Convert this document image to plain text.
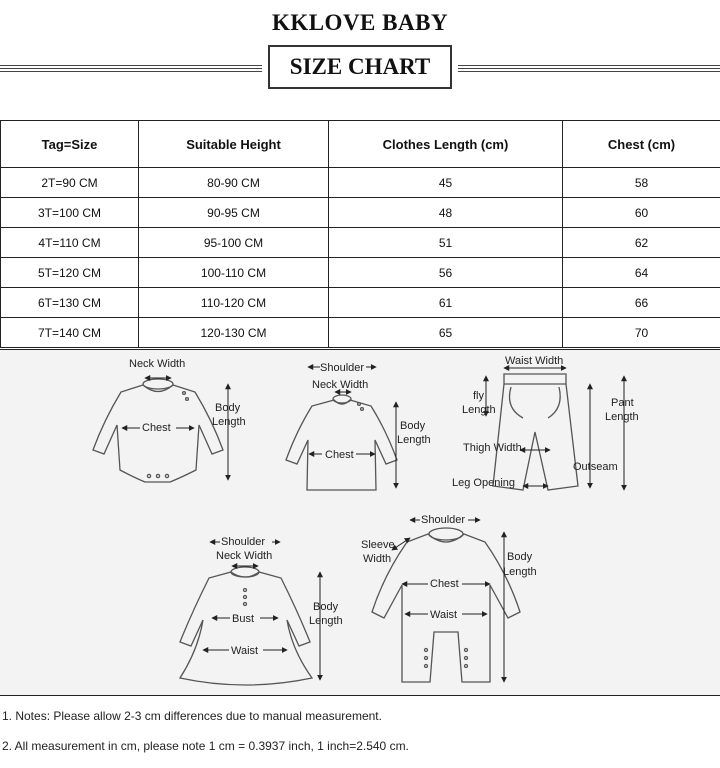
KKLOVE BABY
SIZE CHART
Tag=Size	Suitable Height	Clothes Length (cm)	Chest (cm)
2T=90 CM	80-90 CM	45	58
3T=100 CM	90-95 CM	48	60
4T=110 CM	95-100 CM	51	62
5T=120 CM	100-110 CM	56	64
6T=130 CM	110-120 CM	61	66
7T=140 CM	120-130 CM	65	70
Neck Width
Chest
Body
Length
Shoulder
Neck Width
Chest
Body
Length
Waist Width
fly
Length
Pant
Length
Thigh Width
Outseam
Leg Opening
Shoulder
Neck Width
Bust
Waist
Body
Length
Shoulder
Sleeve
Width
Chest
Waist
Body
Length
1. Notes: Please allow 2-3 cm differences due to manual measurement.
2. All measurement in cm, please note 1 cm = 0.3937 inch, 1 inch=2.540 cm.
